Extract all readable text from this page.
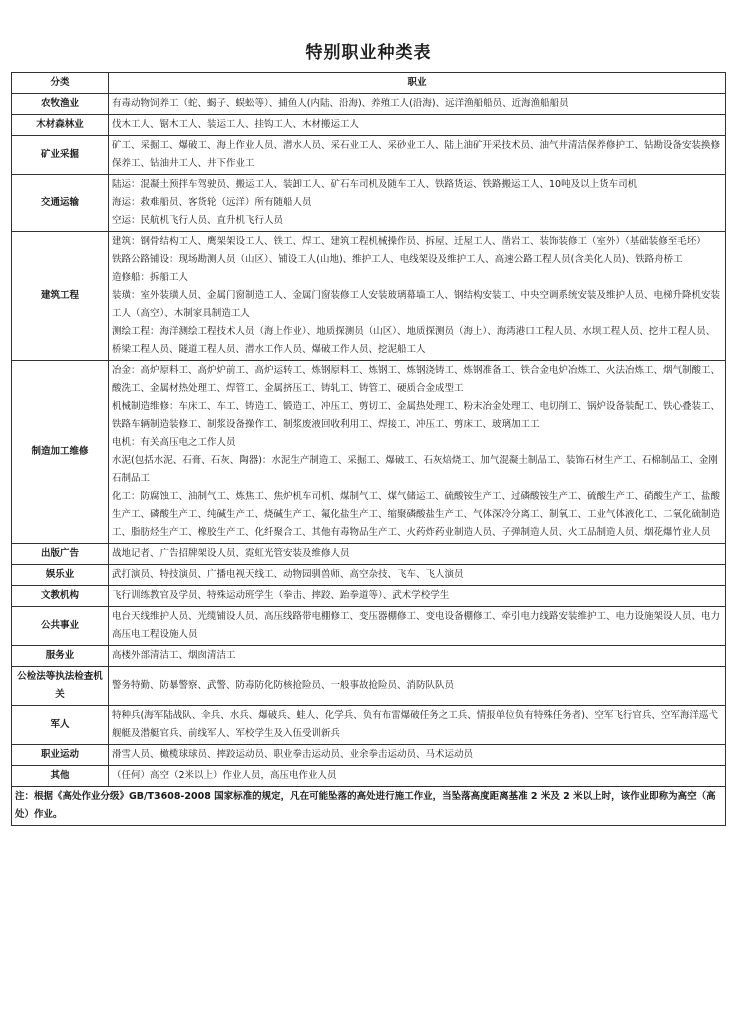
特别职业种类表
分类	职业
农牧渔业	有毒动物饲养工（蛇、蝎子、蜈蚣等）、捕鱼人(内陆、沿海)、养殖工人(沿海)、远洋渔船船员、近海渔船船员

木材森林业	伐木工人、锯木工人、装运工人、挂钩工人、木材搬运工人

矿业采掘	矿工、采掘工、爆破工、海上作业人员、潜水人员、采石业工人、采砂业工人、陆上油矿开采技术员、油气井清洁保养修护工、钻勘设备安装换修保养工、钻油井工人、井下作业工

交通运输	陆运：混凝土预拌车驾驶员、搬运工人、装卸工人、矿石车司机及随车工人、铁路货运、铁路搬运工人、10吨及以上货车司机
海运：救难船员、客货轮（远洋）所有随船人员
空运：民航机飞行人员、直升机飞行人员

建筑工程	建筑：钢骨结构工人、鹰架架设工人、铁工、焊工、建筑工程机械操作员、拆屋、迁屋工人、凿岩工、装饰装修工（室外）（基础装修至毛坯）
铁路公路铺设：现场勘测人员（山区）、铺设工人(山地)、维护工人、电线架设及维护工人、高速公路工程人员(含美化人员)、铁路舟桥工
造修船：拆船工人
装璜：室外装璜人员、金属门窗制造工人、金属门窗装修工人安装玻璃幕墙工人、钢结构安装工、中央空调系统安装及维护人员、电梯升降机安装工人（高空）、木制家具制造工人
测绘工程：海洋测绘工程技术人员（海上作业）、地质探测员（山区）、地质探测员（海上）、海湾港口工程人员、水坝工程人员、挖井工程人员、桥梁工程人员、隧道工程人员、潜水工作人员、爆破工作人员、挖泥船工人

制造加工维修	冶金：高炉原料工、高炉炉前工、高炉运转工、炼钢原料工、炼钢工、炼钢浇铸工、炼钢准备工、铁合金电炉冶炼工、火法冶炼工、烟气制酸工、酸洗工、金属材热处理工、焊管工、金属挤压工、铸轧工、铸管工、硬质合金成型工
机械制造维修：车床工、车工、铸造工、锻造工、冲压工、剪切工、金属热处理工、粉末冶金处理工、电切削工、锅炉设备装配工、铁心叠装工、铁路车辆制造装修工、制浆设备操作工、制浆废液回收利用工、焊接工、冲压工、剪床工、玻璃加工工
电机：有关高压电之工作人员
水泥(包括水泥、石膏、石灰、陶器)：水泥生产制造工、采掘工、爆破工、石灰焙烧工、加气混凝土制品工、装饰石材生产工、石棉制品工、金刚石制品工
化工：防腐蚀工、油制气工、炼焦工、焦炉机车司机、煤制气工、煤气储运工、硫酸铵生产工、过磷酸铵生产工、硫酸生产工、硝酸生产工、盐酸生产工、磷酸生产工、纯碱生产工、烧碱生产工、氟化盐生产工、缩聚磷酸盐生产工、气体深冷分离工、制氧工、工业气体液化工、二氧化硫制造工、脂肪烃生产工、橡胶生产工、化纤聚合工、其他有毒物品生产工、火药炸药业制造人员、子弹制造人员、火工品制造人员、烟花爆竹业人员

出版广告	战地记者、广告招牌架设人员、霓虹光管安装及维修人员

娱乐业	武打演员、特技演员、广播电视天线工、动物园驯兽师、高空杂技、飞车、飞人演员

文教机构	飞行训练教官及学员、特殊运动班学生（拳击、摔跤、跆拳道等）、武术学校学生

公共事业	电台天线维护人员、光缆铺设人员、高压线路带电棚修工、变压器棚修工、变电设备棚修工、牵引电力线路安装维护工、电力设施架设人员、电力高压电工程设施人员

服务业	高楼外部清洁工、烟囱清洁工

公检法等执法检查机关	警务特勤、防暴警察、武警、防毒防化防核抢险员、一般事故抢险员、消防队队员

军人	特种兵(海军陆战队、伞兵、水兵、爆破兵、蛙人、化学兵、负有布雷爆破任务之工兵、情报单位负有特殊任务者)、空军飞行官兵、空军海洋巡弋舰艇及潜艇官兵、前线军人、军校学生及入伍受训新兵

职业运动	滑雪人员、橄榄球球员、摔跤运动员、职业拳击运动员、业余拳击运动员、马术运动员

其他	（任何）高空（2米以上）作业人员，高压电作业人员

注：根据《高处作业分级》GB/T3608-2008 国家标准的规定，凡在可能坠落的高处进行施工作业，当坠落高度距离基准 2 米及 2 米以上时，该作业即称为高空（高处）作业。	
